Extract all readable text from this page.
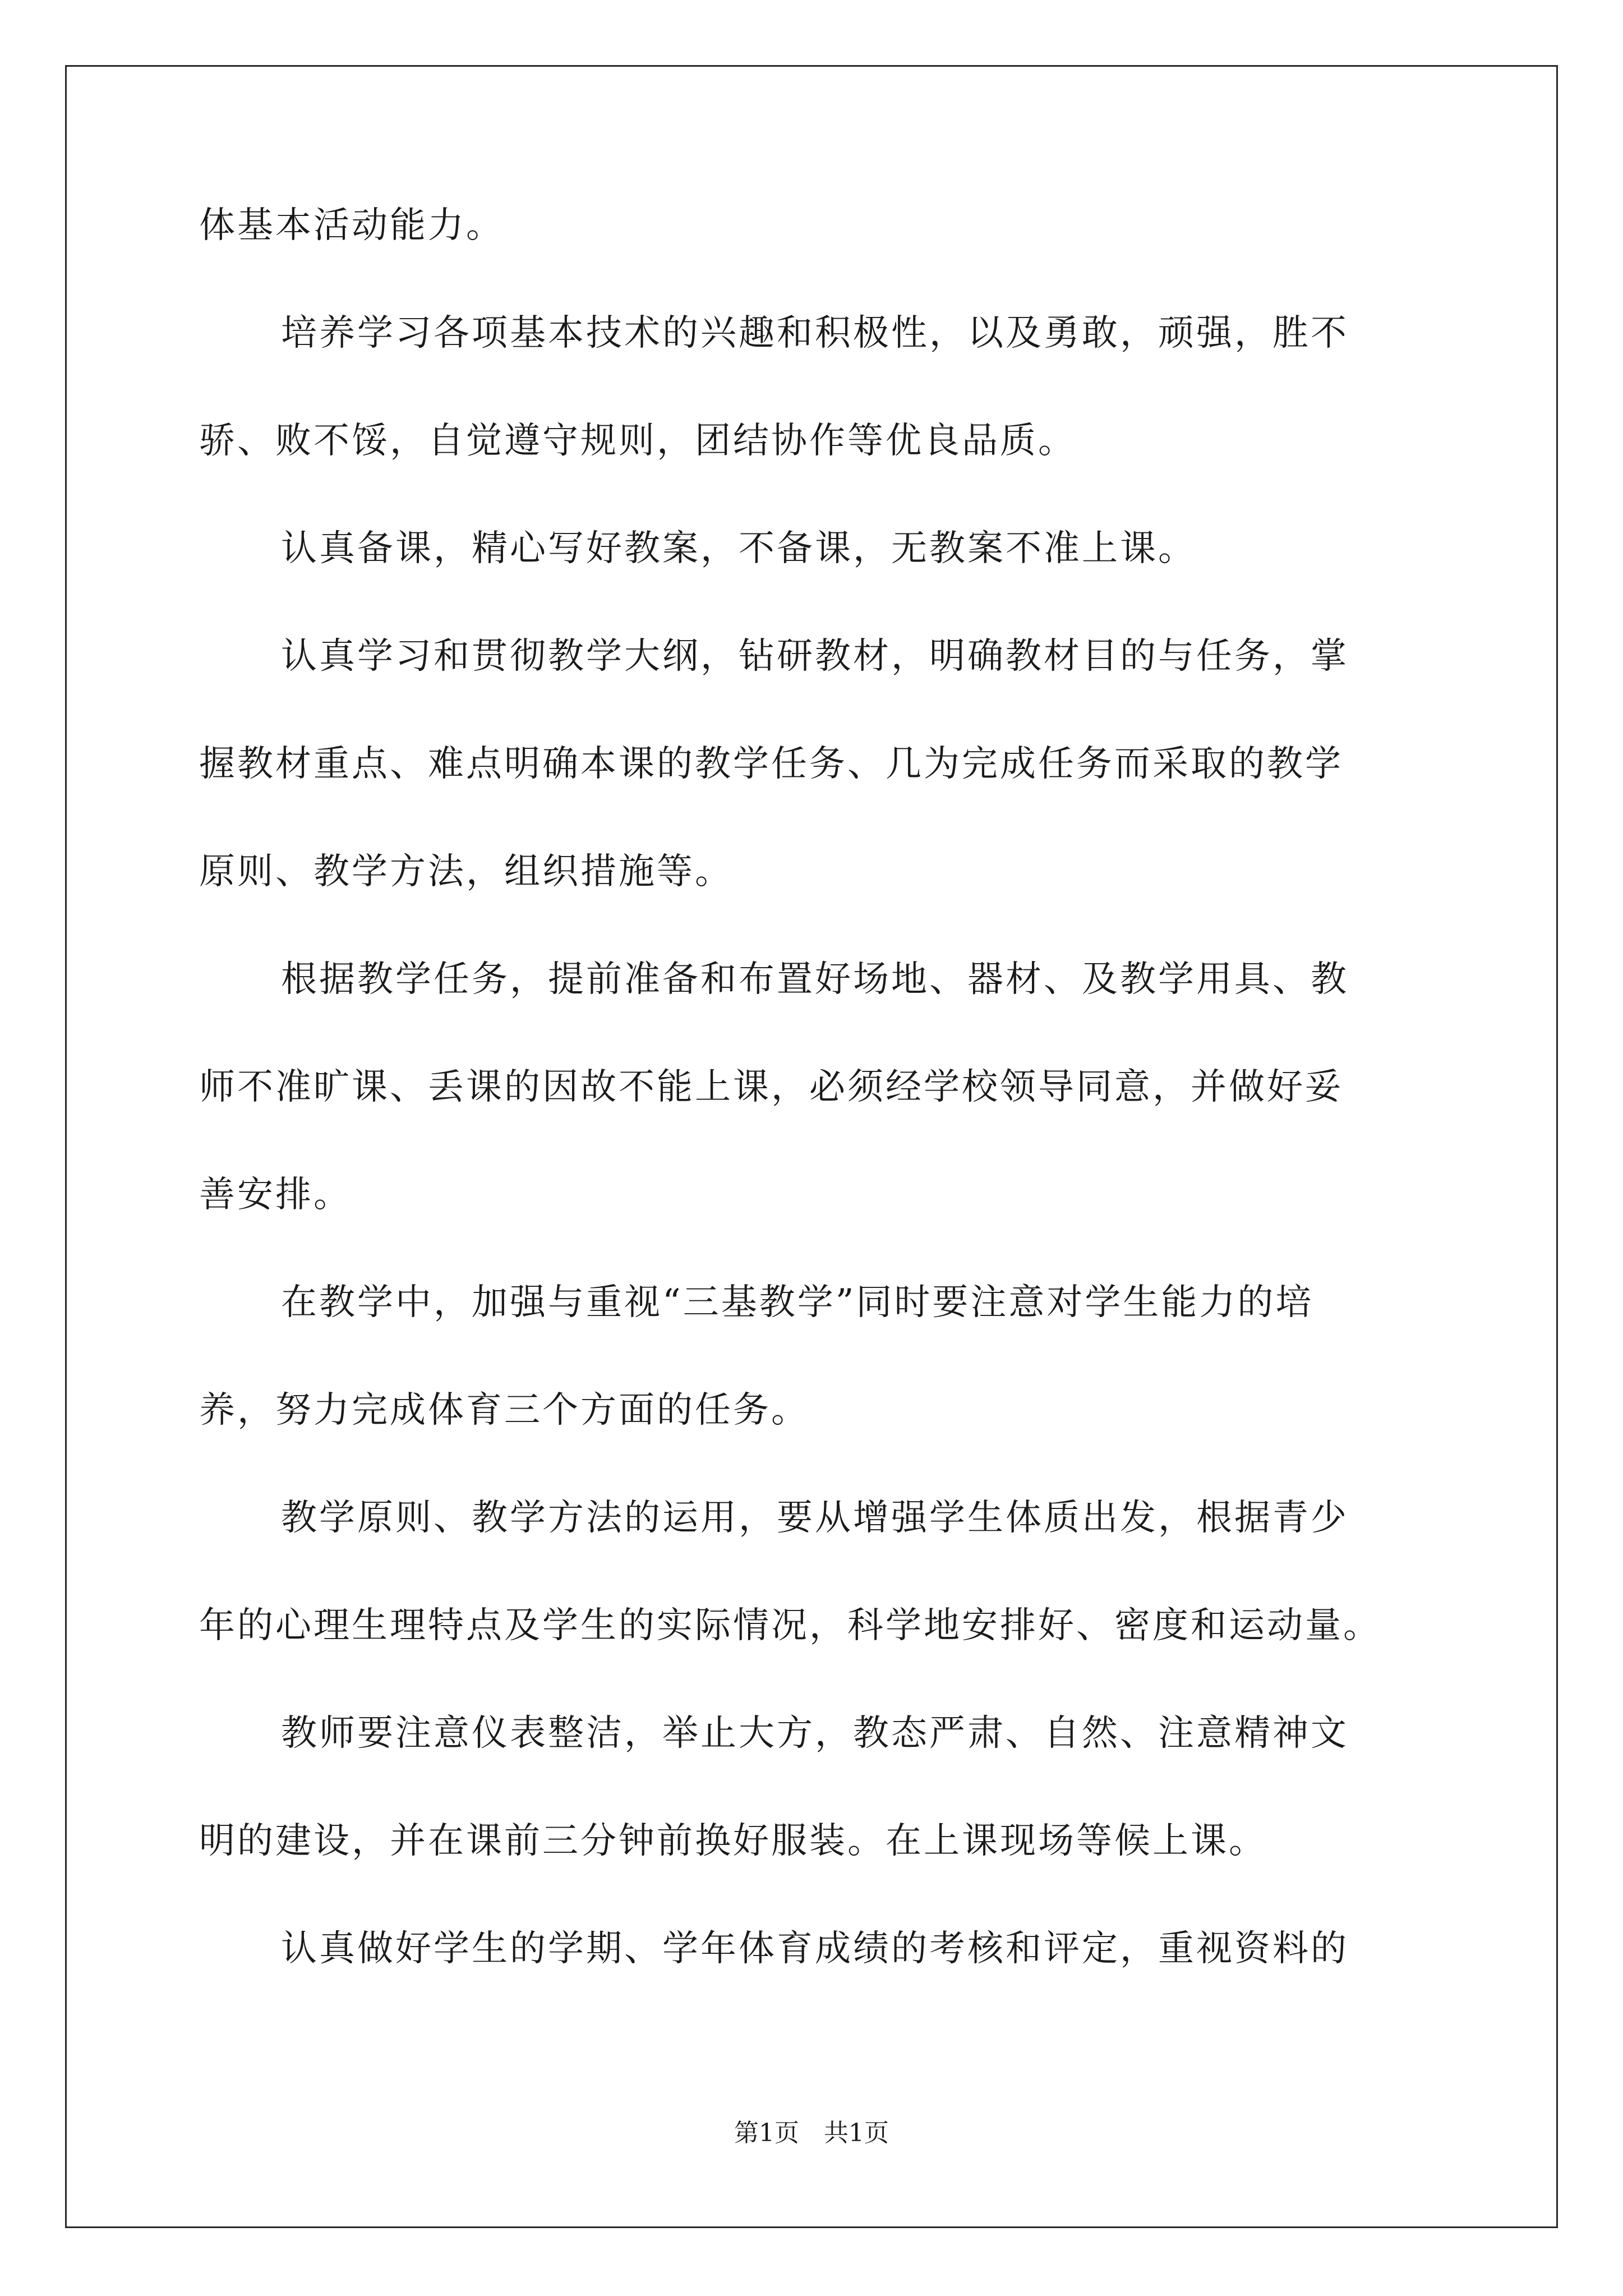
体基本活动能力。
培养学习各项基本技术的兴趣和积极性，以及勇敢，顽强，胜不
骄、败不馁，自觉遵守规则，团结协作等优良品质。
认真备课，精心写好教案，不备课，无教案不准上课。
认真学习和贯彻教学大纲，钻研教材，明确教材目的与任务，掌
握教材重点、难点明确本课的教学任务、几为完成任务而采取的教学
原则、教学方法，组织措施等。
根据教学任务，提前准备和布置好场地、器材、及教学用具、教
师不准旷课、丢课的因故不能上课，必须经学校领导同意，并做好妥
善安排。
在教学中，加强与重视“三基教学”同时要注意对学生能力的培
养，努力完成体育三个方面的任务。
教学原则、教学方法的运用，要从增强学生体质出发，根据青少
年的心理生理特点及学生的实际情况，科学地安排好、密度和运动量。
教师要注意仪表整洁，举止大方，教态严肃、自然、注意精神文
明的建设，并在课前三分钟前换好服装。在上课现场等候上课。
认真做好学生的学期、学年体育成绩的考核和评定，重视资料的
第1页　共1页
